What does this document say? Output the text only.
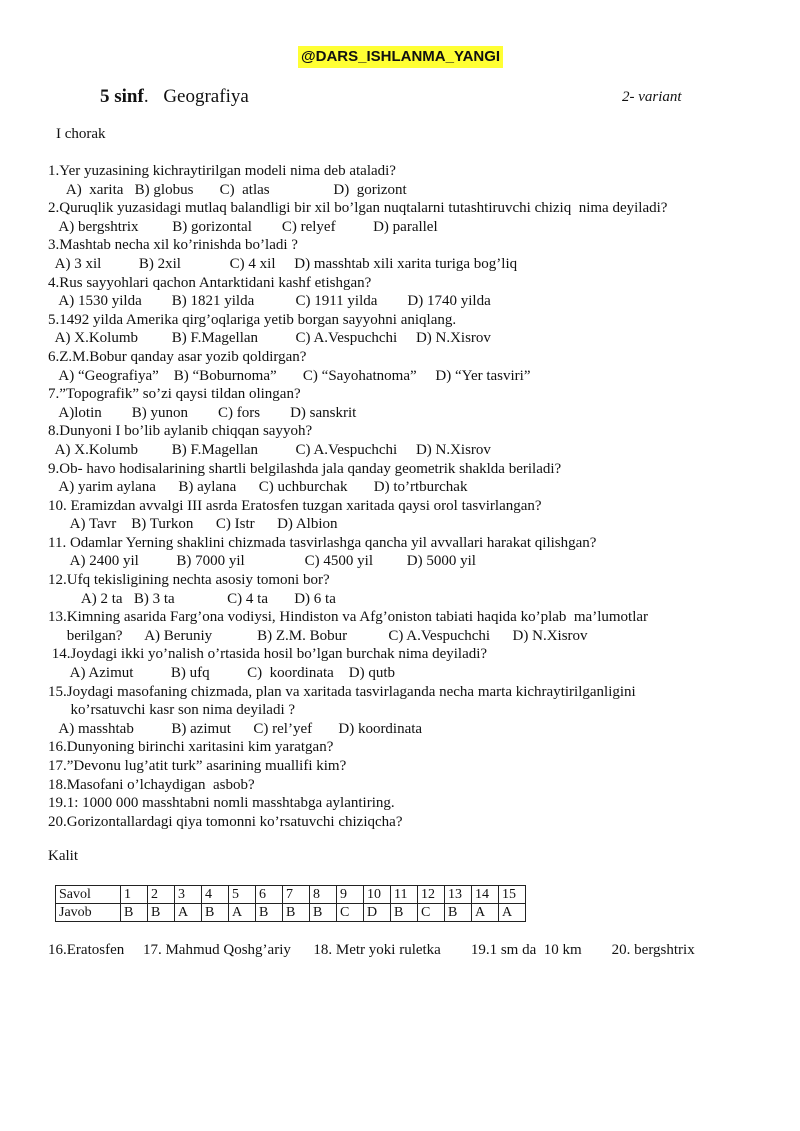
@DARS_ISHLANMA_YANGI
5 sinf. Geografiya	2- variant
I chorak
1.Yer yuzasining kichraytirilgan modeli nima deb ataladi?
A)  xarita   B) globus       C)  atlas                 D)  gorizont
2.Quruqlik yuzasidagi mutlaq balandligi bir xil bo’lgan nuqtalarni tutashtiruvchi chiziq  nima deyiladi?
A) bergshtrix         B) gorizontal        C) relyef          D) parallel
3.Mashtab necha xil ko’rinishda bo’ladi ?
A) 3 xil          B) 2xil             C) 4 xil     D) masshtab xili xarita turiga bog’liq
4.Rus sayyohlari qachon Antarktidani kashf etishgan?
A) 1530 yilda        B) 1821 yilda           C) 1911 yilda        D) 1740 yilda
5.1492 yilda Amerika qirg’oqlariga yetib borgan sayyohni aniqlang.
A) X.Kolumb         B) F.Magellan          C) A.Vespuchchi     D) N.Xisrov
6.Z.M.Bobur qanday asar yozib qoldirgan?
A) “Geografiya”    B) “Boburnoma”       C) “Sayohatnoma”     D) “Yer tasviri”
7.”Topografik” so’zi qaysi tildan olingan?
A)lotin        B) yunon        C) fors        D) sanskrit
8.Dunyoni I bo’lib aylanib chiqqan sayyoh?
A) X.Kolumb         B) F.Magellan          C) A.Vespuchchi     D) N.Xisrov
9.Ob- havo hodisalarining shartli belgilashda jala qanday geometrik shaklda beriladi?
A) yarim aylana      B) aylana      C) uchburchak       D) to’rtburchak
10. Eramizdan avvalgi III asrda Eratosfen tuzgan xaritada qaysi orol tasvirlangan?
A) Tavr    B) Turkon      C) Istr      D) Albion
11. Odamlar Yerning shaklini chizmada tasvirlashga qancha yil avvallari harakat qilishgan?
A) 2400 yil          B) 7000 yil                C) 4500 yil         D) 5000 yil
12.Ufq tekisligining nechta asosiy tomoni bor?
A) 2 ta   B) 3 ta              C) 4 ta       D) 6 ta
13.Kimning asarida Farg’ona vodiysi, Hindiston va Afg’oniston tabiati haqida ko’plab  ma’lumotlar
berilgan?      A) Beruniy            B) Z.M. Bobur           C) A.Vespuchchi      D) N.Xisrov
14.Joydagi ikki yo’nalish o’rtasida hosil bo’lgan burchak nima deyiladi?
A) Azimut          B) ufq          C)  koordinata    D) qutb
15.Joydagi masofaning chizmada, plan va xaritada tasvirlaganda necha marta kichraytirilganligini
ko’rsatuvchi kasr son nima deyiladi ?
A) masshtab          B) azimut      C) rel’yef       D) koordinata
16.Dunyoning birinchi xaritasini kim yaratgan?
17.”Devonu lug’atit turk” asarining muallifi kim?
18.Masofani o’lchaydigan  asbob?
19.1: 1000 000 masshtabni nomli masshtabga aylantiring.
20.Gorizontallardagi qiya tomonni ko’rsatuvchi chiziqcha?
Kalit
Savol	1	2	3	4	5	6	7	8	9	10	11	12	13	14	15
Javob	B	B	A	B	A	B	B	B	C	D	B	C	B	A	A
16.Eratosfen     17. Mahmud Qoshg’ariy      18. Metr yoki ruletka        19.1 sm da  10 km        20. bergshtrix
